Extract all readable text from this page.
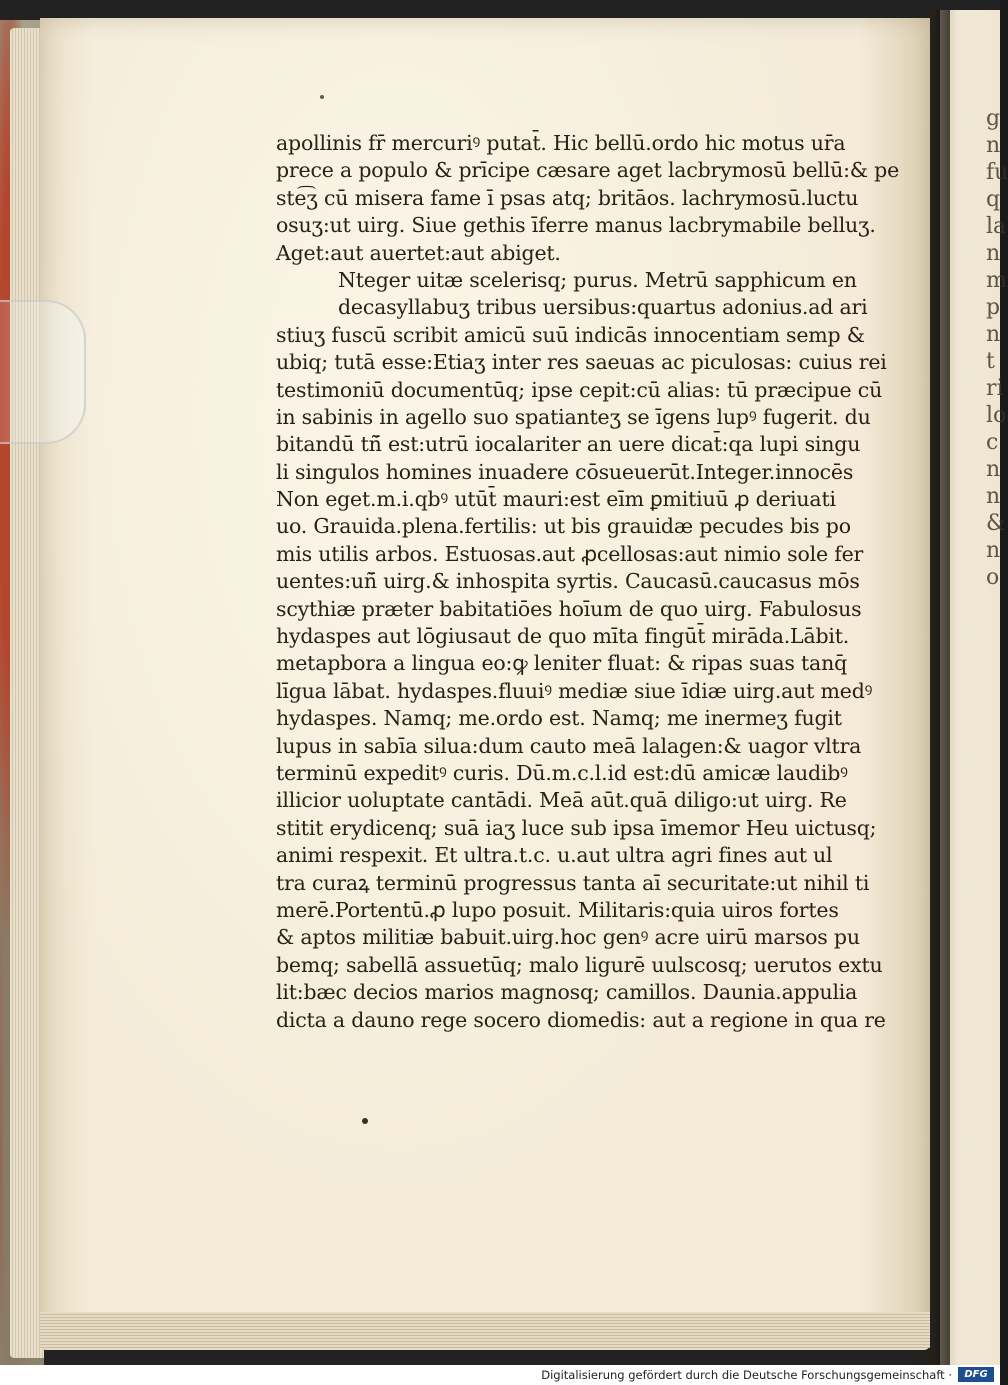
g
n
fu
q
la
n
m
p
n
t
ri
lo
c
n
n
&
n
o
apollinis fr̄ mercuriꝰ putat̄. Hic bellū.ordo hic motus ur̄a
prece a populo & prīcipe cæsare aget lacbrymosū bellū:& pe
ste͡ʒ cū misera fame ī psas atq; britāos. lachrymosū.luctu
osuʒ:ut uirg. Siue gethis īferre manus lacbrymabile belluʒ.
Aget:aut auertet:aut abiget.
Nteger uitæ scelerisq; purus. Metrū sapphicum en
decasyllabuʒ tribus uersibus:quartus adonius.ad ari
stiuʒ fuscū scribit amicū suū indicās innocentiam semp &
ubiq; tutā esse:Etiaʒ inter res saeuas ac piculosas: cuius rei
testimoniū documentūq; ipse cepit:cū alias: tū præcipue cū
in sabinis in agello suo spatianteʒ se īgens lupꝰ fugerit. du
bitandū tñ̄ est:utrū iocalariter an uere dicat̄:qa lupi singu
li singulos homines inuadere cōsueuerūt.Integer.innocēs
Non eget.m.i.qbꝰ utūt̄ mauri:est eīm ꝑmitiuū ꝓ deriuati
uo. Grauida.plena.fertilis: ut bis grauidæ pecudes bis po
mis utilis arbos. Estuosas.aut ꝓcellosas:aut nimio sole fer
uentes:uñ̄ uirg.& inhospita syrtis. Caucasū.caucasus mōs
scythiæ præter babitatiōes hoīum de quo uirg. Fabulosus
hydaspes aut lōgiusaut de quo mīta fingūt̄ mirāda.Lābit.
metapbora a lingua eo:ꝙ leniter fluat: & ripas suas tanq̄
līgua lābat. hydaspes.fluuiꝰ mediæ siue īdiæ uirg.aut medꝰ
hydaspes. Namq; me.ordo est. Namq; me inermeʒ fugit
lupus in sabīa silua:dum cauto meā lalagen:& uagor vltra
terminū expeditꝰ curis. Dū.m.c.l.id est:dū amicæ laudibꝰ
illicior uoluptate cantādi. Meā aūt.quā diligo:ut uirg. Re
stitit erydicenq; suā iaʒ luce sub ipsa īmemor Heu uictusq;
animi respexit. Et ultra.t.c. u.aut ultra agri fines aut ul
tra curaꝝ terminū progressus tanta aī securitate:ut nihil ti
merē.Portentū.ꝓ lupo posuit. Militaris:quia uiros fortes
& aptos militiæ babuit.uirg.hoc genꝰ acre uirū marsos pu
bemq; sabellā assuetūq; malo ligurē uulscosq; uerutos extu
lit:bæc decios marios magnosq; camillos. Daunia.appulia
dicta a dauno rege socero diomedis: aut a regione in qua re
Digitalisierung gefördert durch die Deutsche Forschungsgemeinschaft ·	DFG
